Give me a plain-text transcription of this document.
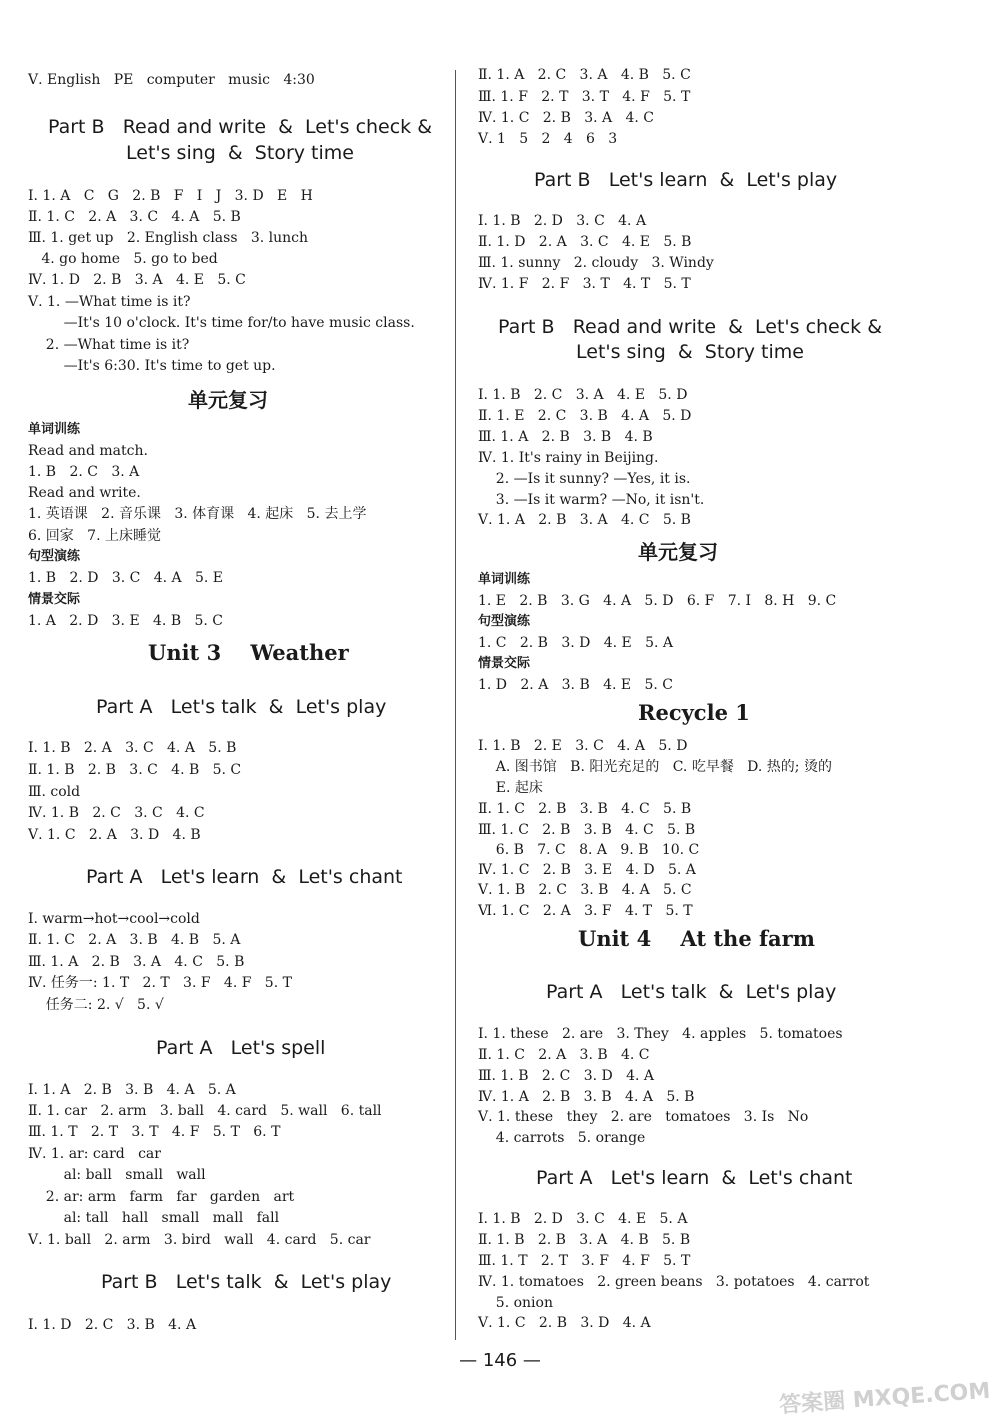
Ⅴ. English   PE   computer   music   4:30
Part B   Read and write  &  Let's check &
Let's sing  &  Story time
Ⅰ. 1. A   C   G   2. B   F   I   J   3. D   E   H
Ⅱ. 1. C   2. A   3. C   4. A   5. B
Ⅲ. 1. get up   2. English class   3. lunch
4. go home   5. go to bed
Ⅳ. 1. D   2. B   3. A   4. E   5. C
Ⅴ. 1. —What time is it?
—It's 10 o'clock. It's time for/to have music class.
2. —What time is it?
—It's 6:30. It's time to get up.
单元复习
单词训练
Read and match.
1. B   2. C   3. A
Read and write.
1. 英语课   2. 音乐课   3. 体育课   4. 起床   5. 去上学
6. 回家   7. 上床睡觉
句型演练
1. B   2. D   3. C   4. A   5. E
情景交际
1. A   2. D   3. E   4. B   5. C
Unit 3    Weather
Part A   Let's talk  &  Let's play
Ⅰ. 1. B   2. A   3. C   4. A   5. B
Ⅱ. 1. B   2. B   3. C   4. B   5. C
Ⅲ. cold
Ⅳ. 1. B   2. C   3. C   4. C
Ⅴ. 1. C   2. A   3. D   4. B
Part A   Let's learn  &  Let's chant
Ⅰ. warm→hot→cool→cold
Ⅱ. 1. C   2. A   3. B   4. B   5. A
Ⅲ. 1. A   2. B   3. A   4. C   5. B
Ⅳ. 任务一: 1. T   2. T   3. F   4. F   5. T
任务二: 2. √   5. √
Part A   Let's spell
Ⅰ. 1. A   2. B   3. B   4. A   5. A
Ⅱ. 1. car   2. arm   3. ball   4. card   5. wall   6. tall
Ⅲ. 1. T   2. T   3. T   4. F   5. T   6. T
Ⅳ. 1. ar: card   car
al: ball   small   wall
2. ar: arm   farm   far   garden   art
al: tall   hall   small   mall   fall
Ⅴ. 1. ball   2. arm   3. bird   wall   4. card   5. car
Part B   Let's talk  &  Let's play
Ⅰ. 1. D   2. C   3. B   4. A
Ⅱ. 1. A   2. C   3. A   4. B   5. C
Ⅲ. 1. F   2. T   3. T   4. F   5. T
Ⅳ. 1. C   2. B   3. A   4. C
Ⅴ. 1   5   2   4   6   3
Part B   Let's learn  &  Let's play
Ⅰ. 1. B   2. D   3. C   4. A
Ⅱ. 1. D   2. A   3. C   4. E   5. B
Ⅲ. 1. sunny   2. cloudy   3. Windy
Ⅳ. 1. F   2. F   3. T   4. T   5. T
Part B   Read and write  &  Let's check &
Let's sing  &  Story time
Ⅰ. 1. B   2. C   3. A   4. E   5. D
Ⅱ. 1. E   2. C   3. B   4. A   5. D
Ⅲ. 1. A   2. B   3. B   4. B
Ⅳ. 1. It's rainy in Beijing.
2. —Is it sunny? —Yes, it is.
3. —Is it warm? —No, it isn't.
Ⅴ. 1. A   2. B   3. A   4. C   5. B
单元复习
单词训练
1. E   2. B   3. G   4. A   5. D   6. F   7. I   8. H   9. C
句型演练
1. C   2. B   3. D   4. E   5. A
情景交际
1. D   2. A   3. B   4. E   5. C
Recycle 1
Ⅰ. 1. B   2. E   3. C   4. A   5. D
A. 图书馆   B. 阳光充足的   C. 吃早餐   D. 热的; 烫的
E. 起床
Ⅱ. 1. C   2. B   3. B   4. C   5. B
Ⅲ. 1. C   2. B   3. B   4. C   5. B
6. B   7. C   8. A   9. B   10. C
Ⅳ. 1. C   2. B   3. E   4. D   5. A
Ⅴ. 1. B   2. C   3. B   4. A   5. C
Ⅵ. 1. C   2. A   3. F   4. T   5. T
Unit 4    At the farm
Part A   Let's talk  &  Let's play
Ⅰ. 1. these   2. are   3. They   4. apples   5. tomatoes
Ⅱ. 1. C   2. A   3. B   4. C
Ⅲ. 1. B   2. C   3. D   4. A
Ⅳ. 1. A   2. B   3. B   4. A   5. B
Ⅴ. 1. these   they   2. are   tomatoes   3. Is   No
4. carrots   5. orange
Part A   Let's learn  &  Let's chant
Ⅰ. 1. B   2. D   3. C   4. E   5. A
Ⅱ. 1. B   2. B   3. A   4. B   5. B
Ⅲ. 1. T   2. T   3. F   4. F   5. T
Ⅳ. 1. tomatoes   2. green beans   3. potatoes   4. carrot
5. onion
Ⅴ. 1. C   2. B   3. D   4. A
— 146 —
答案圈 MXQE.COM
